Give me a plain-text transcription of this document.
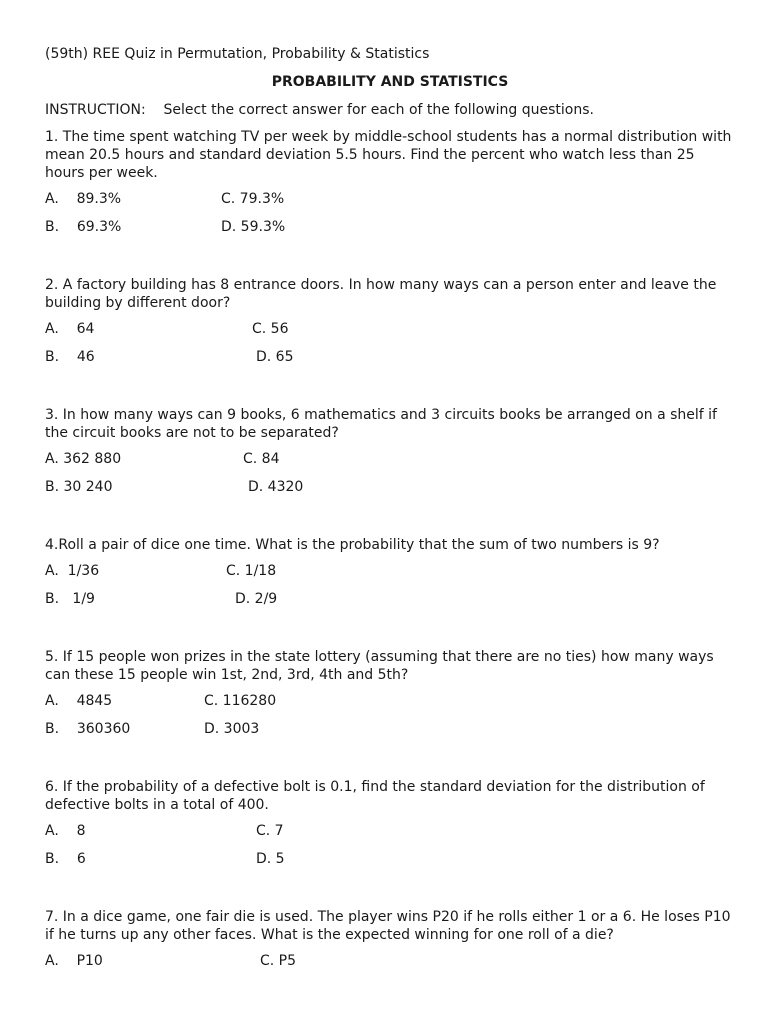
(59th) REE Quiz in Permutation, Probability & Statistics
PROBABILITY AND STATISTICS
INSTRUCTION:    Select the correct answer for each of the following questions.
1. The time spent watching TV per week by middle-school students has a normal distribution with mean 20.5 hours and standard deviation 5.5 hours. Find the percent who watch less than 25 hours per week.
A.    89.3%	C. 79.3%
B.    69.3%	D. 59.3%
2. A factory building has 8 entrance doors. In how many ways can a person enter and leave the building by different door?
A.    64	C. 56
B.    46	D. 65
3. In how many ways can 9 books, 6 mathematics and 3 circuits books be arranged on a shelf if the circuit books are not to be separated?
A. 362 880	C. 84
B. 30 240	D. 4320
4.Roll a pair of dice one time. What is the probability that the sum of two numbers is 9?
A.  1/36	C. 1/18
B.   1/9	D. 2/9
5. If 15 people won prizes in the state lottery (assuming that there are no ties) how many ways can these 15 people win 1st, 2nd, 3rd, 4th and 5th?
A.    4845	C. 116280
B.    360360	D. 3003
6. If the probability of a defective bolt is 0.1, find the standard deviation for the distribution of defective bolts in a total of 400.
A.    8	C. 7
B.    6	D. 5
7. In a dice game, one fair die is used. The player wins P20 if he rolls either 1 or a 6. He loses P10 if he turns up any other faces. What is the expected winning for one roll of a die?
A.    P10	C. P5
